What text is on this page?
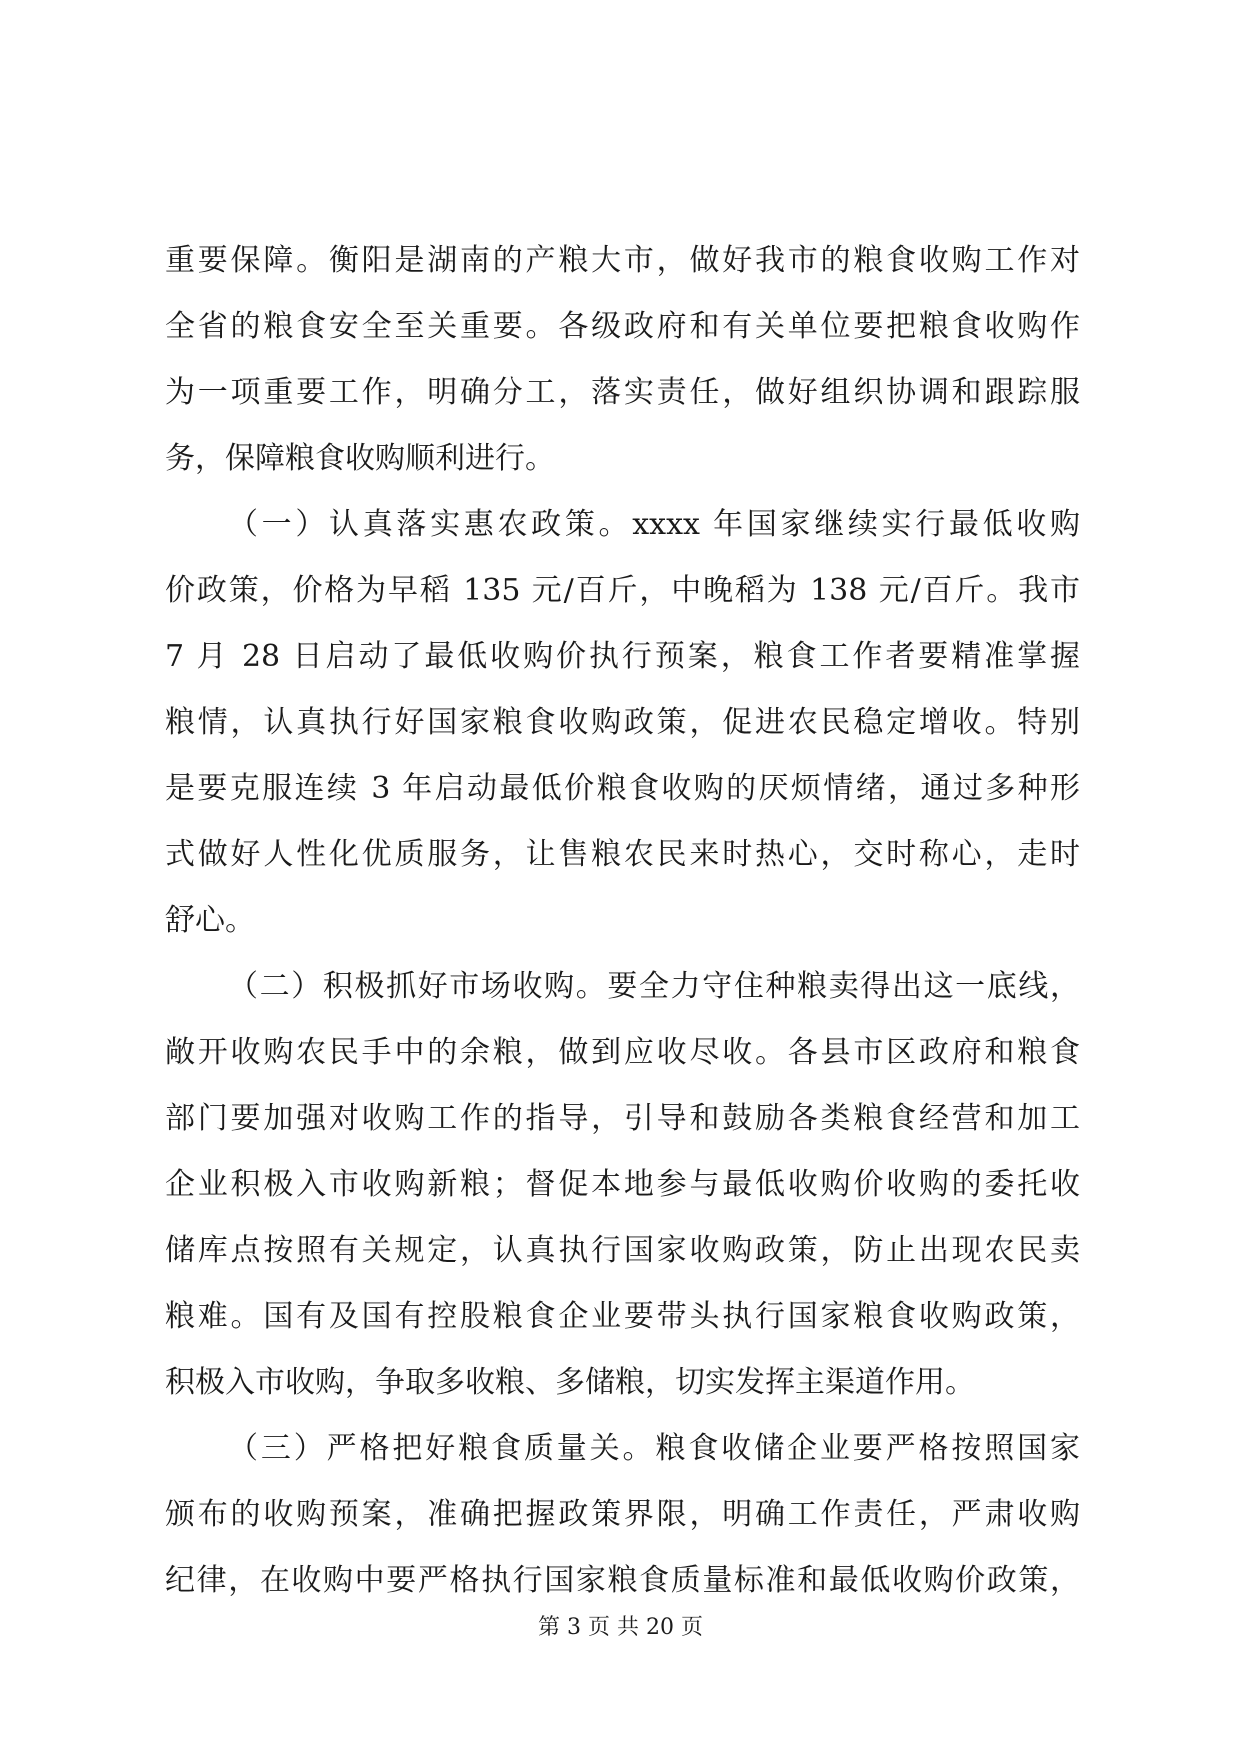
重要保障。衡阳是湖南的产粮大市，做好我市的粮食收购工作对
全省的粮食安全至关重要。各级政府和有关单位要把粮食收购作
为一项重要工作，明确分工，落实责任，做好组织协调和跟踪服
务，保障粮食收购顺利进行。
（一）认真落实惠农政策。xxxx 年国家继续实行最低收购
价政策，价格为早稻 135 元/百斤，中晚稻为 138 元/百斤。我市
7 月 28 日启动了最低收购价执行预案，粮食工作者要精准掌握
粮情，认真执行好国家粮食收购政策，促进农民稳定增收。特别
是要克服连续 3 年启动最低价粮食收购的厌烦情绪，通过多种形
式做好人性化优质服务，让售粮农民来时热心，交时称心，走时
舒心。
（二）积极抓好市场收购。要全力守住种粮卖得出这一底线，
敞开收购农民手中的余粮，做到应收尽收。各县市区政府和粮食
部门要加强对收购工作的指导，引导和鼓励各类粮食经营和加工
企业积极入市收购新粮；督促本地参与最低收购价收购的委托收
储库点按照有关规定，认真执行国家收购政策，防止出现农民卖
粮难。国有及国有控股粮食企业要带头执行国家粮食收购政策，
积极入市收购，争取多收粮、多储粮，切实发挥主渠道作用。
（三）严格把好粮食质量关。粮食收储企业要严格按照国家
颁布的收购预案，准确把握政策界限，明确工作责任，严肃收购
纪律，在收购中要严格执行国家粮食质量标准和最低收购价政策，
第 3 页 共 20 页
